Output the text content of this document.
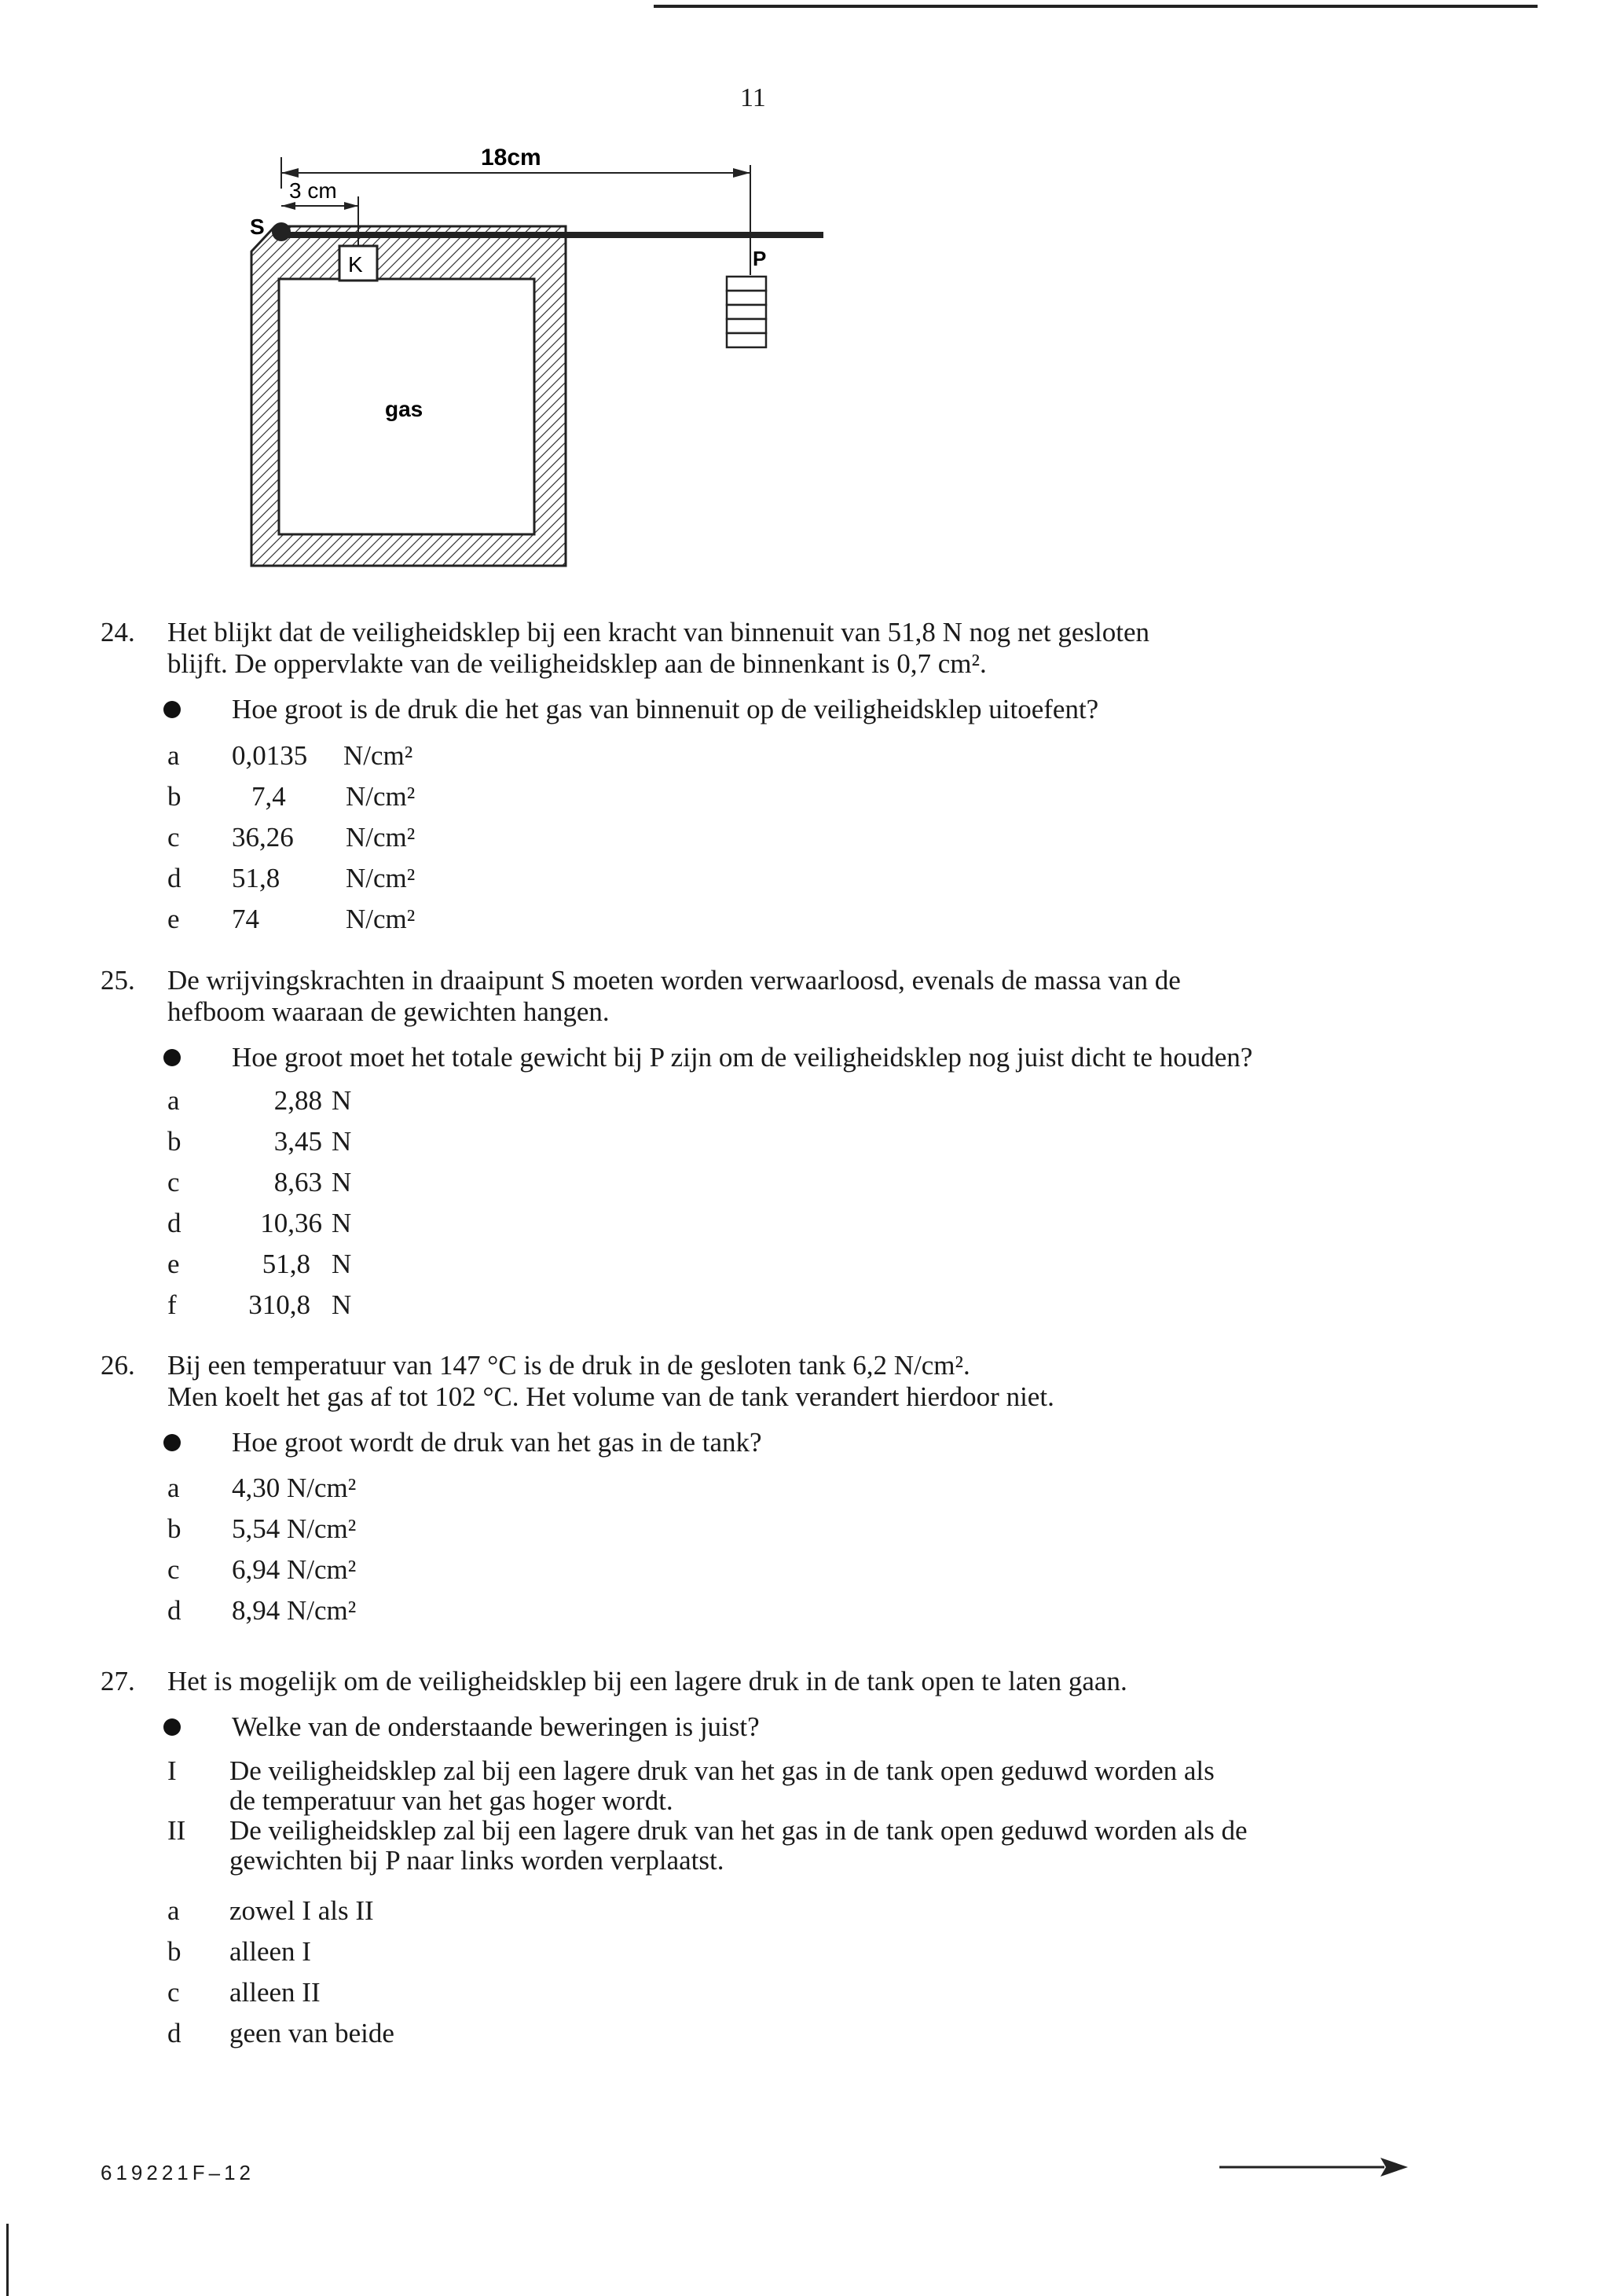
11
S
K
gas
18cm
3 cm
P
24. Het blijkt dat de veiligheidsklep bij een kracht van binnenuit van 51,8 N nog net gesloten
blijft. De oppervlakte van de veiligheidsklep aan de binnenkant is 0,7 cm².
Hoe groot is de druk die het gas van binnenuit op de veiligheidsklep uitoefent?
a 0,0135 N/cm²
b	7,4 N/cm²
c 36,26 N/cm²
d 51,8 N/cm²
e 74	N/cm²
25. De wrijvingskrachten in draaipunt S moeten worden verwaarloosd, evenals de massa van de
hefboom waaraan de gewichten hangen.
Hoe groot moet het totale gewicht bij P zijn om de veiligheidsklep nog juist dicht te houden?
a	2,88 N
b	3,45 N
c	8,63 N
d	10,36 N
e	51,8 N
f	310,8 N
26. Bij een temperatuur van 147 °C is de druk in de gesloten tank 6,2 N/cm².
Men koelt het gas af tot 102 °C. Het volume van de tank verandert hierdoor niet.
Hoe groot wordt de druk van het gas in de tank?
a 4,30 N/cm²
b 5,54 N/cm²
c 6,94 N/cm²
d 8,94 N/cm²
27. Het is mogelijk om de veiligheidsklep bij een lagere druk in de tank open te laten gaan.
Welke van de onderstaande beweringen is juist?
I De veiligheidsklep zal bij een lagere druk van het gas in de tank open geduwd worden als
de temperatuur van het gas hoger wordt.
II De veiligheidsklep zal bij een lagere druk van het gas in de tank open geduwd worden als de
gewichten bij P naar links worden verplaatst.
a zowel I als II
b alleen I
c alleen II
d geen van beide
619221F–12
